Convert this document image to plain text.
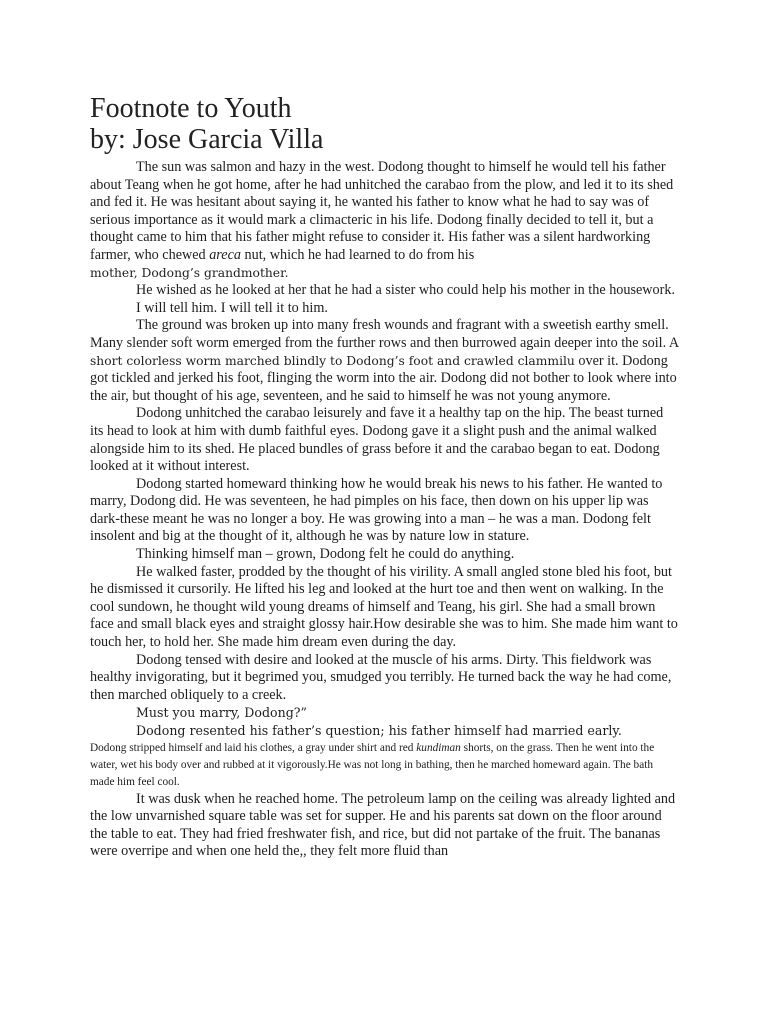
Footnote to Youth
by: Jose Garcia Villa

The sun was salmon and hazy in the west. Dodong thought to himself he would tell his father about Teang when he got home, after he had unhitched the carabao from the plow, and led it to its shed and fed it. He was hesitant about saying it, he wanted his father to know what he had to say was of serious importance as it would mark a climacteric in his life. Dodong finally decided to tell it, but a thought came to him that his father might refuse to consider it. His father was a silent hardworking farmer, who chewed areca nut, which he had learned to do from his
mother, Dodong’s grandmother.

He wished as he looked at her that he had a sister who could help his mother in the housework.

I will tell him. I will tell it to him.

The ground was broken up into many fresh wounds and fragrant with a sweetish earthy smell. Many slender soft worm emerged from the further rows and then burrowed again deeper into the soil. A short colorless worm marched blindly to Dodong’s foot and crawled clammilu over it. Dodong got tickled and jerked his foot, flinging the worm into the air. Dodong did not bother to look where into the air, but thought of his age, seventeen, and he said to himself he was not young anymore.

Dodong unhitched the carabao leisurely and fave it a healthy tap on the hip. The beast turned its head to look at him with dumb faithful eyes. Dodong gave it a slight push and the animal walked alongside him to its shed. He placed bundles of grass before it and the carabao began to eat. Dodong looked at it without interest.

Dodong started homeward thinking how he would break his news to his father. He wanted to marry, Dodong did. He was seventeen, he had pimples on his face, then down on his upper lip was dark-these meant he was no longer a boy. He was growing into a man – he was a man. Dodong felt insolent and big at the thought of it, although he was by nature low in stature.

Thinking himself man – grown, Dodong felt he could do anything.

He walked faster, prodded by the thought of his virility. A small angled stone bled his foot, but he dismissed it cursorily. He lifted his leg and looked at the hurt toe and then went on walking. In the cool sundown, he thought wild young dreams of himself and Teang, his girl. She had a small brown face and small black eyes and straight glossy hair.How desirable she was to him. She made him want to touch her, to hold her. She made him dream even during the day.

Dodong tensed with desire and looked at the muscle of his arms. Dirty. This fieldwork was healthy invigorating, but it begrimed you, smudged you terribly. He turned back the way he had come, then marched obliquely to a creek.

Must you marry, Dodong?”

Dodong resented his father’s question; his father himself had married early.

Dodong stripped himself and laid his clothes, a gray under shirt and red kundiman shorts, on the grass. Then he went into the water, wet his body over and rubbed at it vigorously.He was not long in bathing, then he marched homeward again. The bath made him feel cool.

It was dusk when he reached home. The petroleum lamp on the ceiling was already lighted and the low unvarnished square table was set for supper. He and his parents sat down on the floor around the table to eat. They had fried freshwater fish, and rice, but did not partake of the fruit. The bananas were overripe and when one held the,, they felt more fluid than
